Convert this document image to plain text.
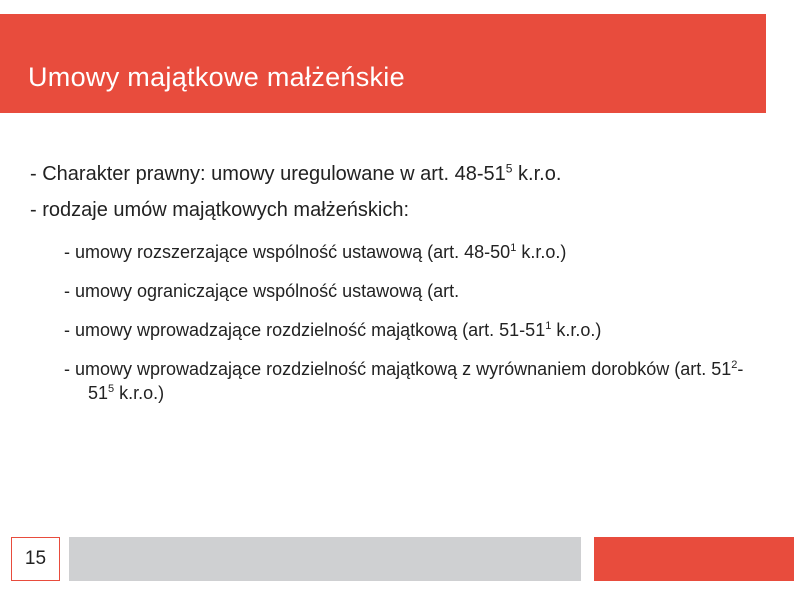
Umowy majątkowe małżeńskie

- Charakter prawny: umowy uregulowane w art. $48-51^5$ k.r.o.

- rodzaje umów majątkowych małżeńskich:

- umowy rozszerzające wspólność ustawową (art. $48-50^1$ k.r.o.)

- umowy ograniczające wspólność ustawową (art.

- umowy wprowadzające rozdzielność majątkową (art. $51-51^1$ k.r.o.)

- umowy wprowadzające rozdzielność majątkową z wyrównaniem dorobków (art. $51^2-51^5$ k.r.o.)

15
